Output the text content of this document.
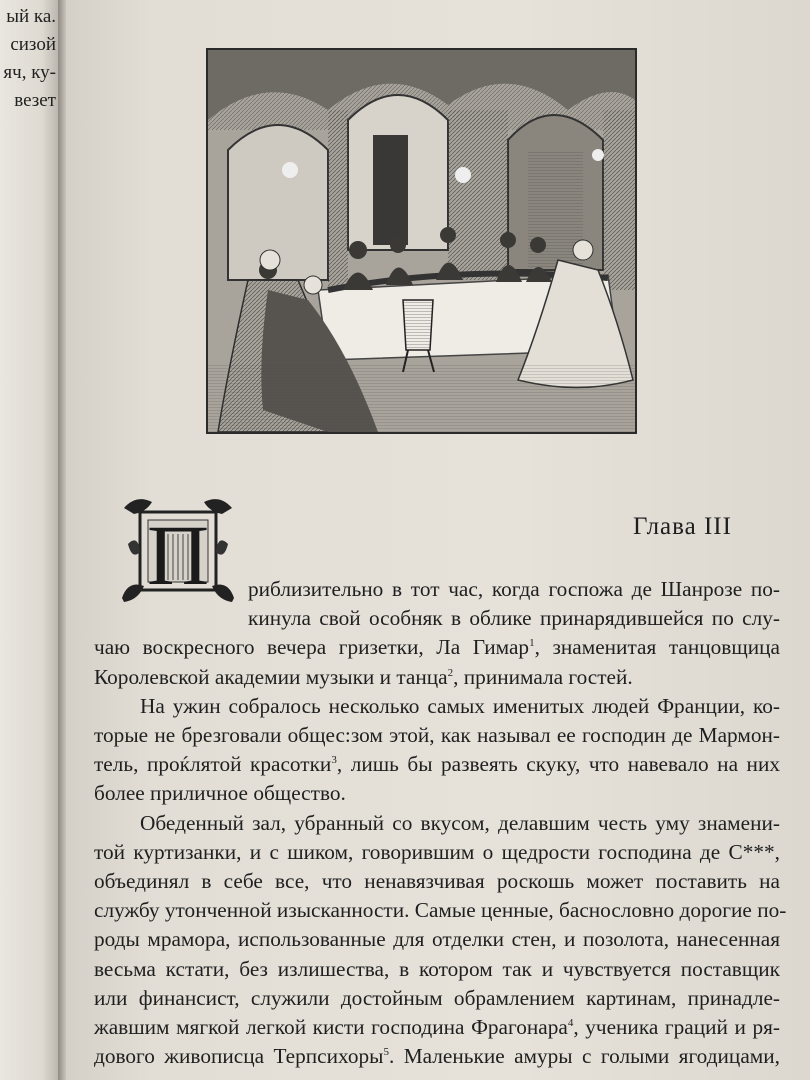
ый ка.
сизой
яч, ку-
везет
Глава III
П риблизительно в тот час, когда госпожа де Шанрозе по-
кинула свой особняк в облике принарядившейся по слу-
чаю воскресного вечера гризетки, Ла Гимар$^1$, знаменитая танцовщица
Королевской академии музыки и танца$^2$, принимала гостей.
На ужин собралось несколько самых именитых людей Франции, ко-
торые не брезговали общес:зом этой, как называл ее господин де Мармон-
тель, проќлятой красотки$^3$, лишь бы развеять скуку, что навевало на них
более приличное общество.
Обеденный зал, убранный со вкусом, делавшим честь уму знамени-
той куртизанки, и с шиком, говорившим о щедрости господина де С***,
объединял в себе все, что ненавязчивая роскошь может поставить на
службу утонченной изысканности. Самые ценные, баснословно дорогие по-
роды мрамора, использованные для отделки стен, и позолота, нанесенная
весьма кстати, без излишества, в котором так и чувствуется поставщик
или финансист, служили достойным обрамлением картинам, принадле-
жавшим мягкой легкой кисти господина Фрагонара$^4$, ученика граций и ря-
дового живописца Терпсихоры$^5$. Маленькие амуры с голыми ягодицами,
